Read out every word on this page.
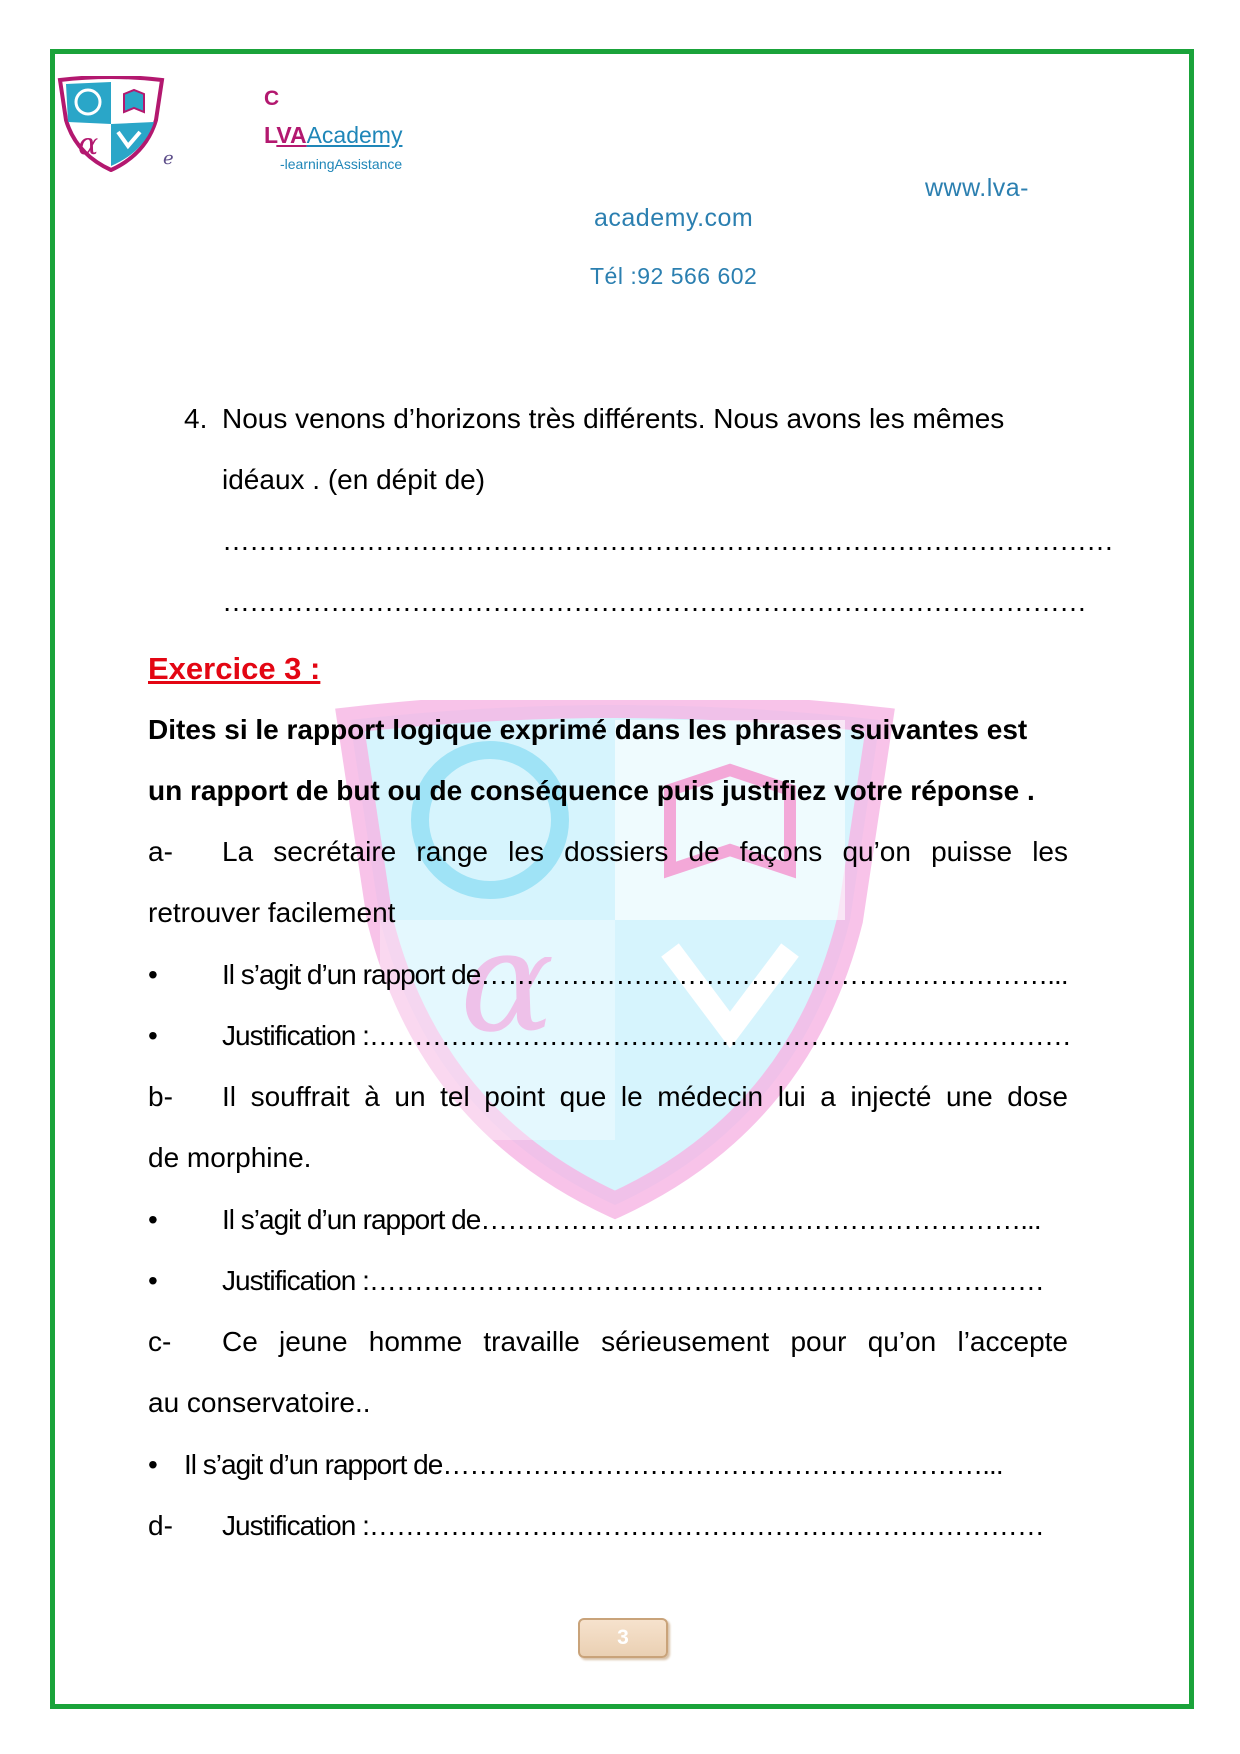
α
α	e
C
LVAAcademy
-learningAssistance
www.lva-
academy.com
Tél :92 566 602
4. Nous venons d’horizons très différents. Nous avons les mêmes
idéaux . (en dépit de)
………………………………………………………………………………………
……………………………………………………………………………………
Exercice 3 :
Dites si le rapport logique exprimé dans les phrases suivantes est
un rapport de but ou de conséquence puis justifiez votre réponse .
a- La secrétaire range les dossiers de façons qu’on puisse les
retrouver facilement
• Il s’agit d’un rapport de………………………………………………………...
• Justification :……………………………………………………………………
b- Il souffrait à un tel point que le médecin lui a injecté une dose
de morphine.
• Il s’agit d’un rapport de……………………………………………………...
• Justification :…………………………………………………………………
c- Ce jeune homme travaille sérieusement pour qu’on l’accepte
au conservatoire..
• Il s’agit d’un rapport de……………………………………………………...
d- Justification :…………………………………………………………………
3
